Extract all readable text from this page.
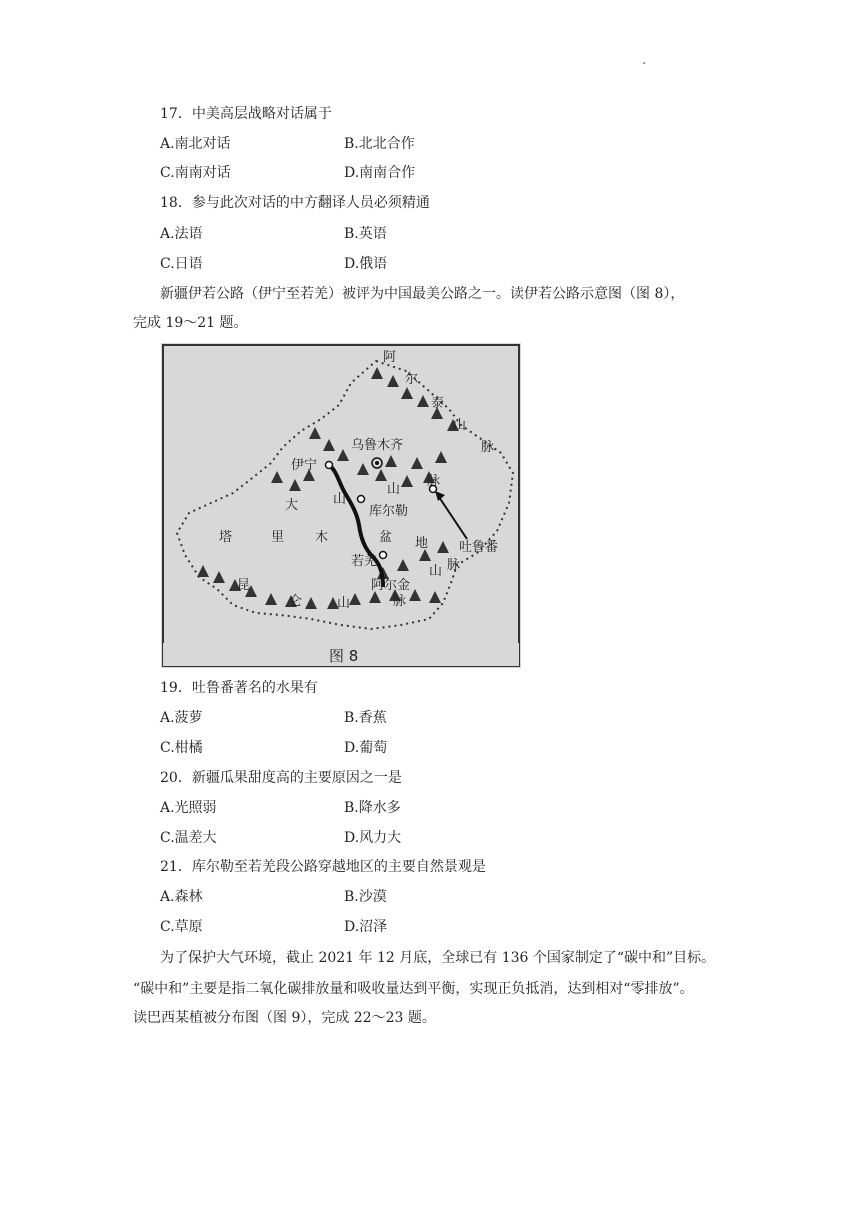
.
17．中美高层战略对话属于
A.南北对话	B.北北合作
C.南南对话	D.南南合作
18．参与此次对话的中方翻译人员必须精通
A.法语	B.英语
C.日语	D.俄语
新疆伊若公路（伊宁至若羌）被评为中国最美公路之一。读伊若公路示意图（图 8），
完成 19～21 题。
阿
尔
泰
山
脉
乌鲁木齐
伊宁
大	山
山
脉
库尔勒
吐鲁番
塔	里 木	盆 地
若羌
阿尔金
山 脉
脉
昆
仑	山
图 8
19．吐鲁番著名的水果有
A.菠萝	B.香蕉
C.柑橘	D.葡萄
20．新疆瓜果甜度高的主要原因之一是
A.光照弱	B.降水多
C.温差大	D.风力大
21．库尔勒至若羌段公路穿越地区的主要自然景观是
A.森林	B.沙漠
C.草原	D.沼泽
为了保护大气环境，截止 2021 年 12 月底，全球已有 136 个国家制定了“碳中和”目标。
“碳中和”主要是指二氧化碳排放量和吸收量达到平衡，实现正负抵消，达到相对“零排放”。
读巴西某植被分布图（图 9），完成 22～23 题。
